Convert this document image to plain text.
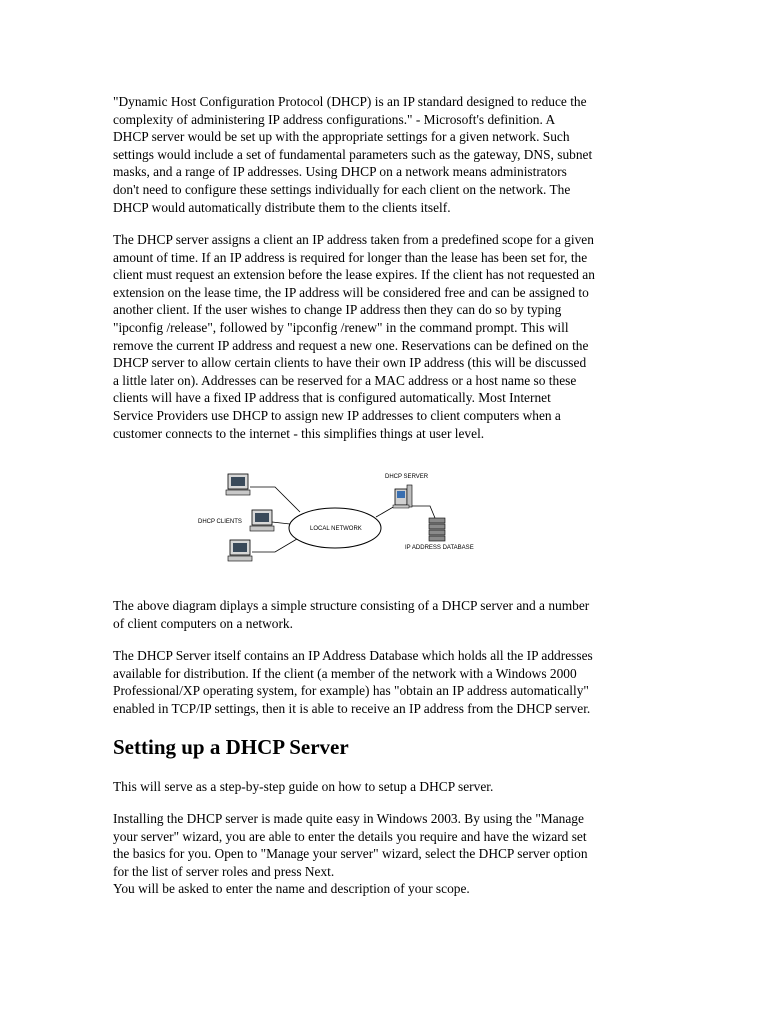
"Dynamic Host Configuration Protocol (DHCP) is an IP standard designed to reduce the
complexity of administering IP address configurations." - Microsoft's definition. A
DHCP server would be set up with the appropriate settings for a given network. Such
settings would include a set of fundamental parameters such as the gateway, DNS, subnet
masks, and a range of IP addresses. Using DHCP on a network means administrators
don't need to configure these settings individually for each client on the network. The
DHCP would automatically distribute them to the clients itself.

The DHCP server assigns a client an IP address taken from a predefined scope for a given
amount of time. If an IP address is required for longer than the lease has been set for, the
client must request an extension before the lease expires. If the client has not requested an
extension on the lease time, the IP address will be considered free and can be assigned to
another client. If the user wishes to change IP address then they can do so by typing
"ipconfig /release", followed by "ipconfig /renew" in the command prompt. This will
remove the current IP address and request a new one. Reservations can be defined on the
DHCP server to allow certain clients to have their own IP address (this will be discussed
a little later on). Addresses can be reserved for a MAC address or a host name so these
clients will have a fixed IP address that is configured automatically. Most Internet
Service Providers use DHCP to assign new IP addresses to client computers when a
customer connects to the internet - this simplifies things at user level.

LOCAL NETWORK
DHCP CLIENTS
DHCP SERVER
IP ADDRESS DATABASE

The above diagram diplays a simple structure consisting of a DHCP server and a number
of client computers on a network.

The DHCP Server itself contains an IP Address Database which holds all the IP addresses
available for distribution. If the client (a member of the network with a Windows 2000
Professional/XP operating system, for example) has "obtain an IP address automatically"
enabled in TCP/IP settings, then it is able to receive an IP address from the DHCP server.

Setting up a DHCP Server

This will serve as a step-by-step guide on how to setup a DHCP server.

Installing the DHCP server is made quite easy in Windows 2003. By using the "Manage
your server" wizard, you are able to enter the details you require and have the wizard set
the basics for you. Open to "Manage your server" wizard, select the DHCP server option
for the list of server roles and press Next.
You will be asked to enter the name and description of your scope.
